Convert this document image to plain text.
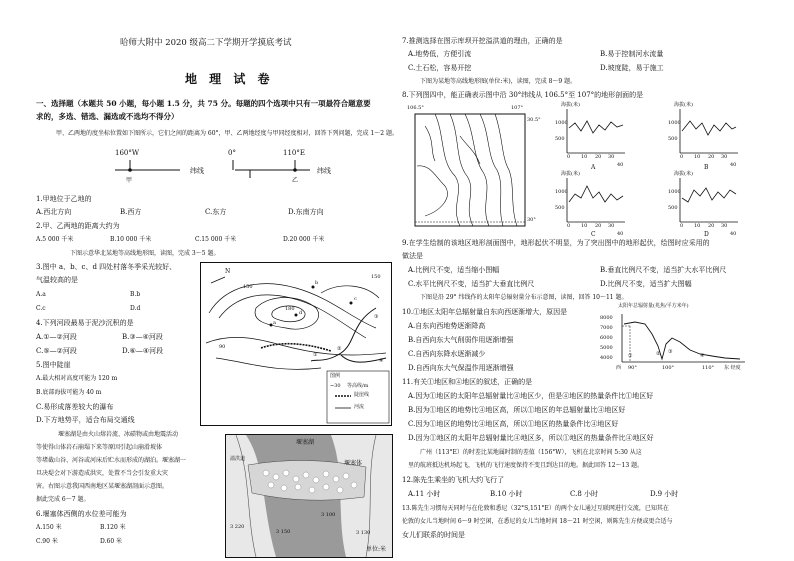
哈师大附中 2020 级高二下学期开学摸底考试
地 理 试 卷
一、选择题（本题共 50 小题，每小题 1.5 分，共 75 分。每题的四个选项中只有一项最符合题意要
求的，多选、错选、漏选或不选均不得分）
甲、乙两地的度坐标位置如下图所示，它们之间的距离为 60°，甲、乙两地经度与甲同经度相对，回答下列问题，完成 1～2 题。
160°W	0°	110°E
纬线	纬线
甲	乙
1.甲地位于乙地的
A.西北方向	B.西方	C.东方	D.东南方向
2.甲、乙两地的距离大约为
A.5 000 千米	B.10 000 千米	C.15 000 千米	D.20 000 千米
下图示意华北某地等高线地形图，读图，完成 3～5 题。
3.图中 a、b、c、d 四处村落冬季采光较好、
气温较高的是
A.a	B.b
C.c	D.d
4.下列河段最易于泥沙沉积的是
A.①—②河段	B.③—④河段
C.⑤—②河段	D.⑥—④河段
5.图中陡崖
A.最大相对高度可能为 120 m
B.底部海拔可能为 40 m
C.易形成落差较大的瀑布
D.下方地势平，适合布局交通线
N
150
150
180
90
a
b
c
d
①
②
③
④
图例
~30 等高线/m
陡崖线
河流
堰塞湖是由火山熔岩流、冰碛物或由地震活动
等使得山体岩石崩塌下来等原因引起山崩滑坡体
等堵截山谷、河谷或河床后贮水而形成的湖泊。堰塞湖一
旦决堤会对下游造成洪灾，处置不当会引发重大灾
害。右图示意我国西南地区某堰塞湖剖面示意图。
据此完成 6～7 题。
6.堰塞体西侧的水位差可能为
A.150 米	B.120 米
C.90 米	D.60 米
堰塞湖
堰塞体
溢洪道
3 220
3 150
3 100
3 130
单位:米
7.推测选择在图示库坝开挖溢洪道的理由，正确的是
A.地势低，方便引流	B.易于控制河水流量
C.土石松，容易开挖	D.坡度陡，易于施工
下图为某地等高线地形图(单位:米)，读图，完成 8～9 题。
8.下列图四中，能正确表示图中沿 30°纬线从 106.5°至 107°的地形剖面的是
106.5°	107°
30.5°
30°
海拔(米)
1000
500
0 10 20 30
40
A
海拔(米)
1000
500
0 10 20 30
40
B
海拔(米)
1000
500
0 10 20 30
40
C
海拔(米)
1000
500
0 10 20 30
40
D
9.在学生绘制的该地区地形剖面图中，地形起伏不明显，为了突出图中的地形起伏，绘图时应采用的
做法是
A.比例尺不变，适当缩小图幅	B.垂直比例尺不变，适当扩大水平比例尺
C.水平比例尺不变，适当扩大垂直比例尺	D.比例尺不变，适当扩大图幅
下图是沿 29° 纬线作的太阳年总辐射量分布示意图，读图，回答 10～11 题。
10.①地区太阳年总辐射量自东向西逐渐增大，原因是
A.自东向西地势逐渐降高
B.自西向东大气削弱作用逐渐增强
C.自西向东降水逐渐减少
D.自西向东大气保温作用逐渐增强
太阳年总辐射量(兆焦/平方米年)
8000
7000
6000
5000
4000
90°	100°	110°
西	东 经度
①	② ③
④
11.有关①地区和④地区的叙述，正确的是
A.因为①地区的太阳年总辐射量比④地区少，但是④地区的热量条件比①地区好
B.因为①地区的地势比④地区高，所以①地区的年总辐射量比④地区好
C.因为①地区的地势比④地区高，所以①地区的热量条件比④地区好
D.因为①地区的太阳年总辐射量比④地区多，所以①地区的热量条件比④地区好
广州（113°E）的时差比某地属时制的差值（156°W），飞机在北京时间 5:30 从这
里的航班抵达机场起飞，飞机的飞行速度保持不变且到达目的地。据此回答 12～13 题。
12.陈先生乘坐的飞机大约飞行了
A.11 小时	B.10 小时	C.8 小时	D.9 小时
13.陈先生习惯每天同时与在伦敦和悉尼（32°S,151°E）的两个女儿通过互联网进行交流，已知其在
伦敦的女儿当地时间 6～9 时空闲，在悉尼的女儿当地时间 18～21 时空闲，则陈先生方便或更合适与
女儿们联系的时间是
